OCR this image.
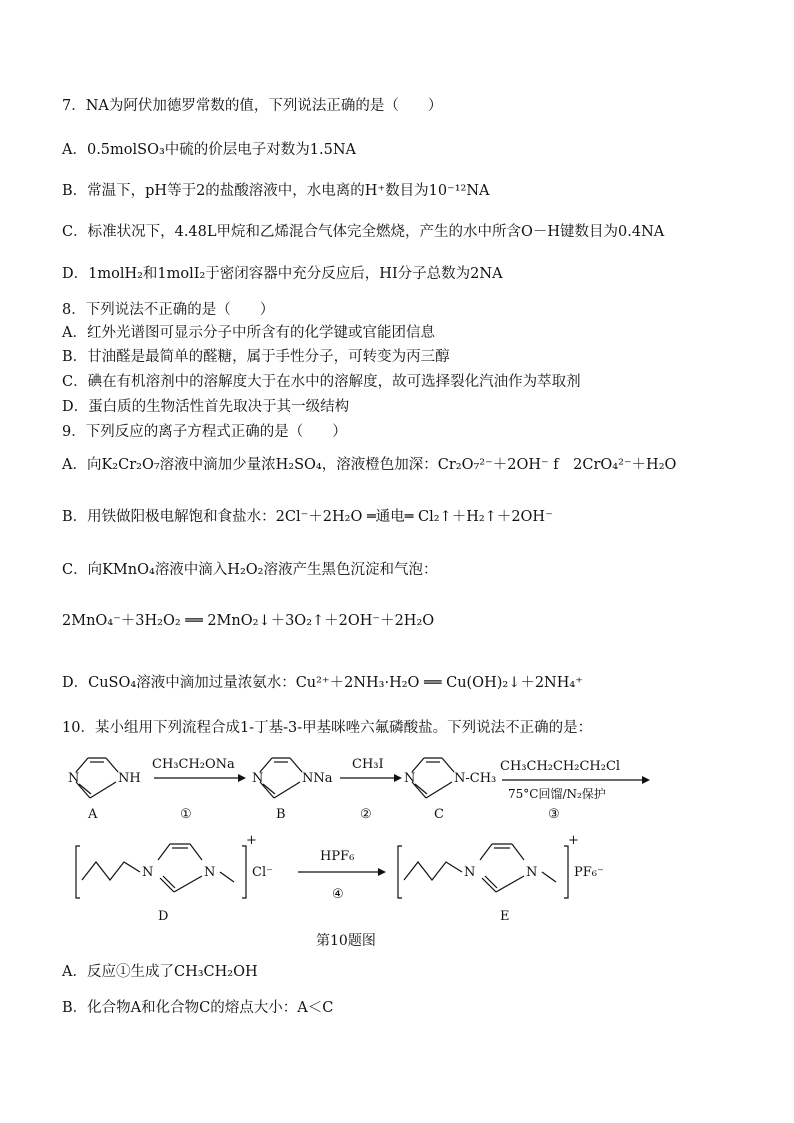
7．NA为阿伏加德罗常数的值，下列说法正确的是（　　）
A．0.5molSO₃中硫的价层电子对数为1.5NA
B．常温下，pH等于2的盐酸溶液中，水电离的H⁺数目为10⁻¹²NA
C．标准状况下，4.48L甲烷和乙烯混合气体完全燃烧，产生的水中所含O－H键数目为0.4NA
D．1molH₂和1molI₂于密闭容器中充分反应后，HI分子总数为2NA
8．下列说法不正确的是（　　）
A．红外光谱图可显示分子中所含有的化学键或官能团信息
B．甘油醛是最简单的醛糖，属于手性分子，可转变为丙三醇
C．碘在有机溶剂中的溶解度大于在水中的溶解度，故可选择裂化汽油作为萃取剂
D．蛋白质的生物活性首先取决于其一级结构
9．下列反应的离子方程式正确的是（　　）
A．向K₂Cr₂O₇溶液中滴加少量浓H₂SO₄，溶液橙色加深：Cr₂O₇²⁻＋2OH⁻ f　2CrO₄²⁻＋H₂O
B．用铁做阳极电解饱和食盐水：2Cl⁻＋2H₂O ═通电═ Cl₂↑＋H₂↑＋2OH⁻
C．向KMnO₄溶液中滴入H₂O₂溶液产生黑色沉淀和气泡：
2MnO₄⁻＋3H₂O₂ ══ 2MnO₂↓＋3O₂↑＋2OH⁻＋2H₂O
D．CuSO₄溶液中滴加过量浓氨水：Cu²⁺＋2NH₃·H₂O ══ Cu(OH)₂↓＋2NH₄⁺
10．某小组用下列流程合成1-丁基-3-甲基咪唑六氟磷酸盐。下列说法不正确的是：
N	NH
A
CH₃CH₂ONa
①
N	NNa
B
CH₃I
②
N	N-CH₃
C
CH₃CH₂CH₂CH₂Cl
75°C回馏/N₂保护
③
N	N
+
Cl⁻
D
HPF₆
④
N	N
+
PF₆⁻
E
第10题图
A．反应①生成了CH₃CH₂OH
B．化合物A和化合物C的熔点大小：A＜C
